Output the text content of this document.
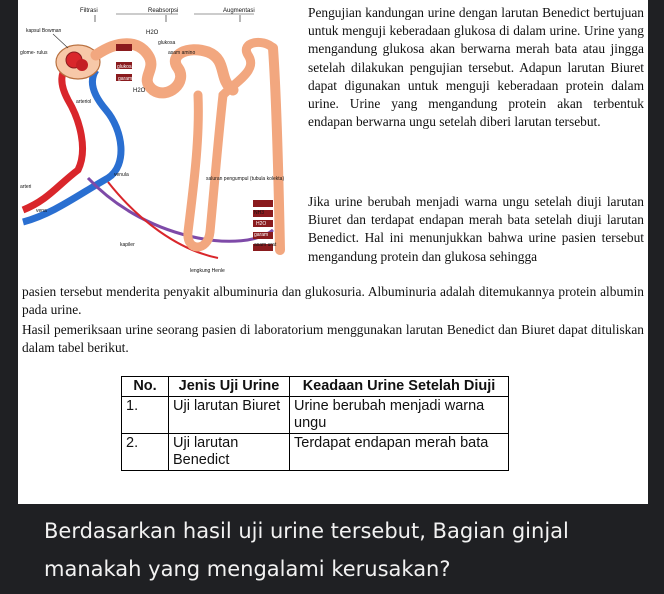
Filtrasi	Reabsorpsi	Augmentasi
kapsul Bowman
glome- rulus
H2O
glukosa
asam amino
glukosa
garam
H2O
arteriol
venula
arteri
vena
saluran pengumpul (tubula kolekta)
NH3
H2O
garam
asam urat
amonia
kapiler
lengkung Henle

Pengujian kandungan urine dengan larutan Benedict bertujuan untuk menguji keberadaan glukosa di dalam urine. Urine yang mengandung glukosa akan berwarna merah bata atau jingga setelah dilakukan pengujian tersebut. Adapun larutan Biuret dapat digunakan untuk menguji keberadaan protein dalam urine. Urine yang mengandung protein akan terbentuk endapan berwarna ungu setelah diberi larutan tersebut.

Jika urine berubah menjadi warna ungu setelah diuji larutan Biuret dan terdapat endapan merah bata setelah diuji larutan Benedict. Hal ini menunjukkan bahwa urine pasien tersebut mengandung protein dan glukosa sehingga

pasien tersebut menderita penyakit albuminuria dan glukosuria. Albuminuria adalah ditemukannya protein albumin pada urine.

Hasil pemeriksaan urine seorang pasien di laboratorium menggunakan larutan Benedict dan Biuret dapat dituliskan dalam tabel berikut.

No.	Jenis Uji Urine	Keadaan Urine Setelah Diuji
1.	Uji larutan Biuret	Urine berubah menjadi warna ungu
2.	Uji larutan Benedict	Terdapat endapan merah bata

Berdasarkan hasil uji urine tersebut, Bagian ginjal manakah yang mengalami kerusakan?
